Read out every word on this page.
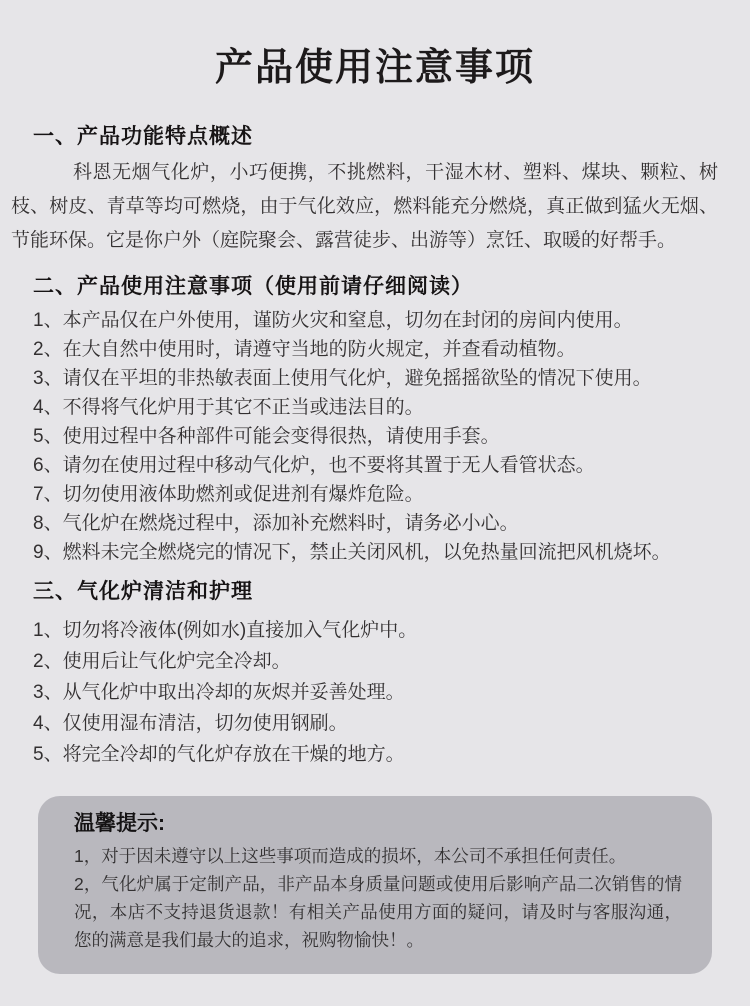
产品使用注意事项
一、产品功能特点概述

科恩无烟气化炉，小巧便携，不挑燃料，干湿木材、塑料、煤块、颗粒、树枝、树皮、青草等均可燃烧，由于气化效应，燃料能充分燃烧，真正做到猛火无烟、节能环保。它是你户外（庭院聚会、露营徒步、出游等）烹饪、取暖的好帮手。

二、产品使用注意事项（使用前请仔细阅读）

1、本产品仅在户外使用，谨防火灾和窒息，切勿在封闭的房间内使用。

2、在大自然中使用时，请遵守当地的防火规定，并查看动植物。

3、请仅在平坦的非热敏表面上使用气化炉，避免摇摇欲坠的情况下使用。

4、不得将气化炉用于其它不正当或违法目的。

5、使用过程中各种部件可能会变得很热，请使用手套。

6、请勿在使用过程中移动气化炉，也不要将其置于无人看管状态。

7、切勿使用液体助燃剂或促进剂有爆炸危险。

8、气化炉在燃烧过程中，添加补充燃料时，请务必小心。

9、燃料未完全燃烧完的情况下，禁止关闭风机，以免热量回流把风机烧坏。

三、气化炉清洁和护理

1、切勿将冷液体(例如水)直接加入气化炉中。

2、使用后让气化炉完全冷却。

3、从气化炉中取出冷却的灰烬并妥善处理。

4、仅使用湿布清洁，切勿使用钢刷。

5、将完全冷却的气化炉存放在干燥的地方。

温馨提示:

1，对于因未遵守以上这些事项而造成的损坏，本公司不承担任何责任。

2，气化炉属于定制产品，非产品本身质量问题或使用后影响产品二次销售的情况，本店不支持退货退款！有相关产品使用方面的疑问，请及时与客服沟通，您的满意是我们最大的追求，祝购物愉快！。
